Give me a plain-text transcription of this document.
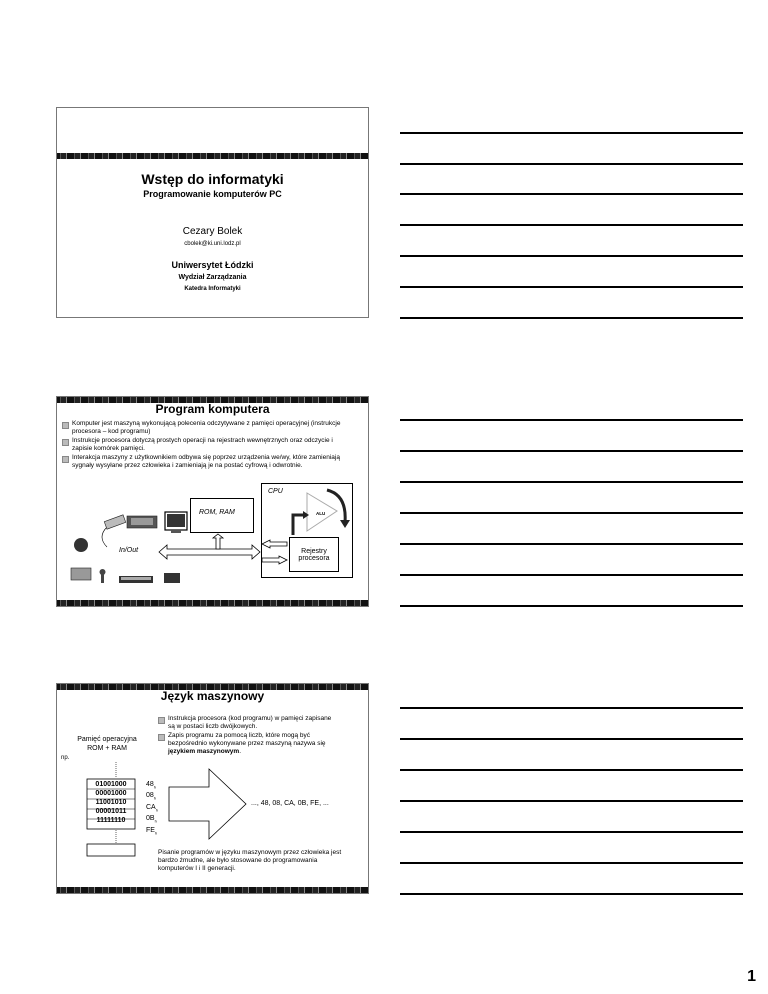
Wstęp do informatyki
Programowanie komputerów PC
Cezary Bolek
cbolek@ki.uni.lodz.pl
Uniwersytet Łódzki
Wydział Zarządzania
Katedra Informatyki
Program komputera
Komputer jest maszyną wykonującą polecenia odczytywane z pamięci operacyjnej (instrukcje procesora – kod programu)
Instrukcje procesora dotyczą prostych operacji na rejestrach wewnętrznych oraz odczycie i zapisie komórek pamięci.
Interakcja maszyny z użytkownikiem odbywa się poprzez urządzenia we/wy, które zamieniają sygnały wysyłane przez człowieka i zamieniają je na postać cyfrową i odwrotnie.
ROM, RAM
CPU
Rejestry procesora
In/Out
ALU
Język maszynowy
Pamięć operacyjna ROM + RAM
np.
Instrukcja procesora (kod programu) w pamięci zapisane są w postaci liczb dwójkowych.
Zapis programu za pomocą liczb, które mogą być bezpośrednio wykonywane przez maszyną nazywa się językiem maszynowym.
01001000
00001000
11001010
00001011
11111110
$48_h$
$08_h$
$CA_h$
$0B_h$
$FE_h$
..., 48, 08, CA, 0B, FE, ...
Pisanie programów w języku maszynowym przez człowieka jest bardzo żmudne, ale było stosowane do programowania komputerów I i II generacji.
1
